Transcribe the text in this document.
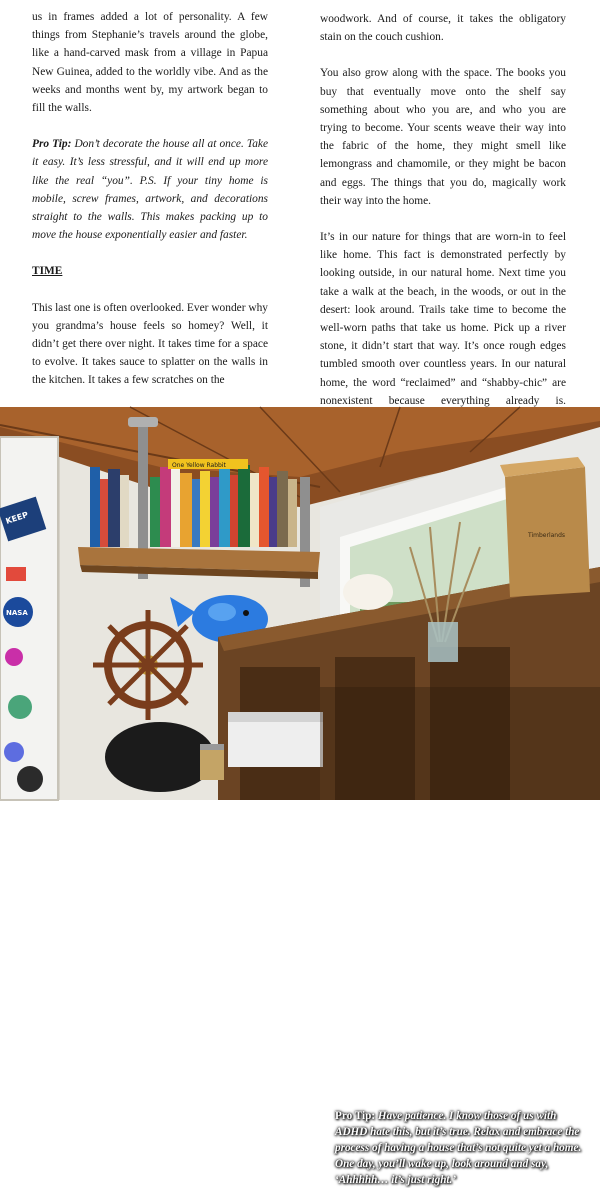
us in frames added a lot of personality. A few things from Stephanie’s travels around the globe, like a hand-carved mask from a village in Papua New Guinea, added to the worldly vibe. And as the weeks and months went by, my artwork began to fill the walls.

Pro Tip: Don’t decorate the house all at once. Take it easy. It’s less stressful, and it will end up more like the real “you”. P.S. If your tiny home is mobile, screw frames, artwork, and decorations straight to the walls. This makes packing up to move the house exponentially easier and faster.

TIME

This last one is often overlooked. Ever wonder why you grandma’s house feels so homey? Well, it didn’t get there over night. It takes time for a space to evolve. It takes sauce to splatter on the walls in the kitchen. It takes a few scratches on the

woodwork. And of course, it takes the obligatory stain on the couch cushion.

You also grow along with the space. The books you buy that eventually move onto the shelf say something about who you are, and who you are trying to become. Your scents weave their way into the fabric of the home, they might smell like lemongrass and chamomile, or they might be bacon and eggs. The things that you do, magically work their way into the home.

It’s in our nature for things that are worn-in to feel like home. This fact is demonstrated perfectly by looking outside, in our natural home. Next time you take a walk at the beach, in the woods, or out in the desert: look around. Trails take time to become the well-worn paths that take us home. Pick up a river stone, it didn’t start that way. It’s once rough edges tumbled smooth over countless years. In our natural home, the word “reclaimed” and “shabby-chic” are nonexistent because everything already is.

KEEP
NASA
One Yellow Rabbit
Timberlands
Pro Tip: Have patience. I know those of us with ADHD hate this, but it’s true. Relax and embrace the process of having a house that’s not quite yet a home. One day, you’ll wake up, look around and say, ‘Ahhhhh… it’s just right.’
